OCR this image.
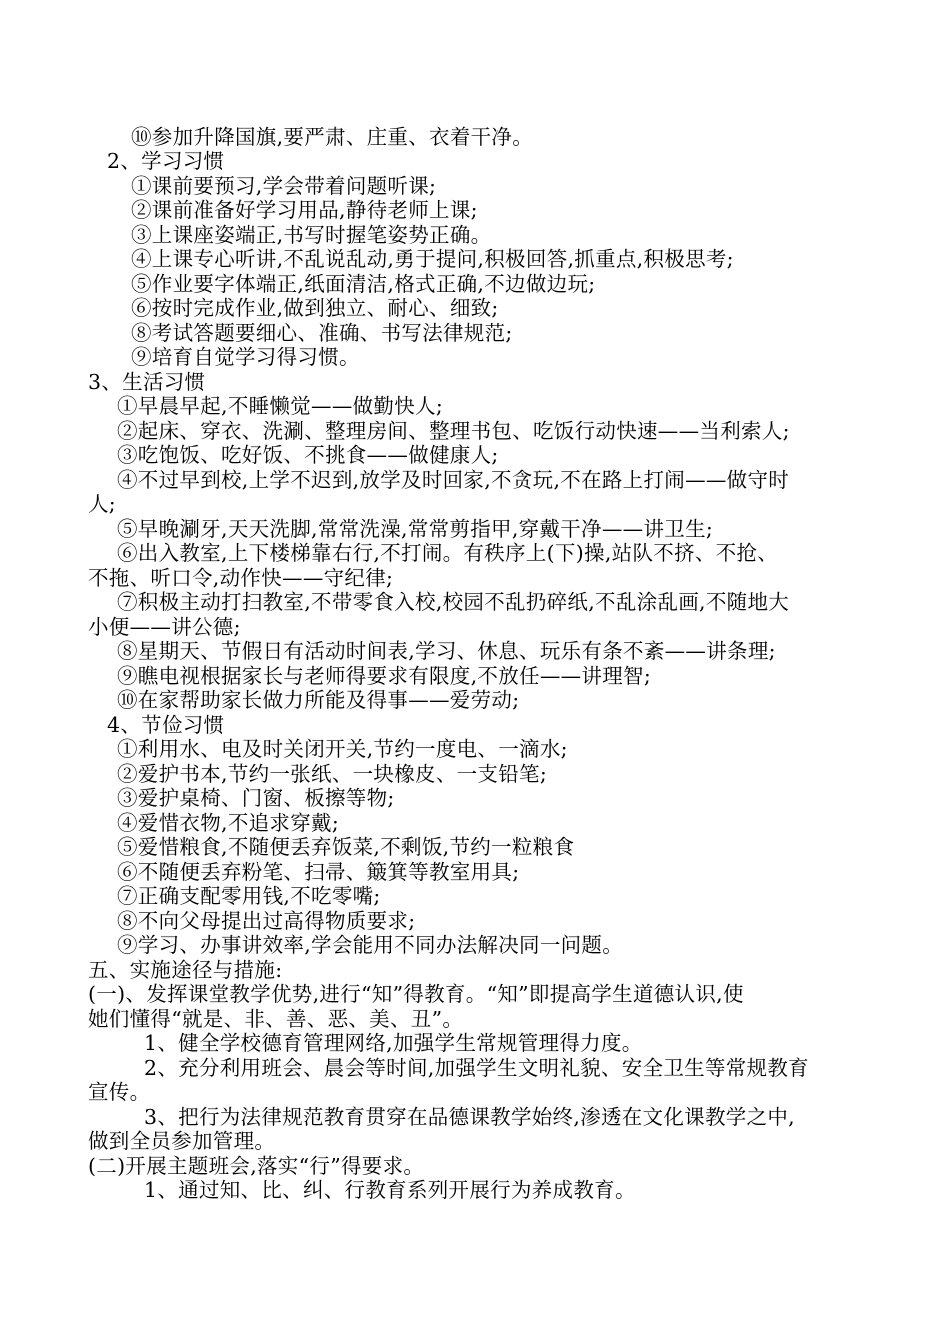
⑩参加升降国旗,要严肃、庄重、衣着干净。
2、学习习惯
①课前要预习,学会带着问题听课;
②课前准备好学习用品,静待老师上课;
③上课座姿端正,书写时握笔姿势正确。
④上课专心听讲,不乱说乱动,勇于提问,积极回答,抓重点,积极思考;
⑤作业要字体端正,纸面清洁,格式正确,不边做边玩;
⑥按时完成作业,做到独立、耐心、细致;
⑧考试答题要细心、准确、书写法律规范;
⑨培育自觉学习得习惯。
3、生活习惯
①早晨早起,不睡懒觉——做勤快人;
②起床、穿衣、洗涮、整理房间、整理书包、吃饭行动快速——当利索人;
③吃饱饭、吃好饭、不挑食——做健康人;
④不过早到校,上学不迟到,放学及时回家,不贪玩,不在路上打闹——做守时
人;
⑤早晚涮牙,天天洗脚,常常洗澡,常常剪指甲,穿戴干净——讲卫生;
⑥出入教室,上下楼梯靠右行,不打闹。有秩序上(下)操,站队不挤、不抢、
不拖、听口令,动作快——守纪律;
⑦积极主动打扫教室,不带零食入校,校园不乱扔碎纸,不乱涂乱画,不随地大
小便——讲公德;
⑧星期天、节假日有活动时间表,学习、休息、玩乐有条不紊——讲条理;
⑨瞧电视根据家长与老师得要求有限度,不放任——讲理智;
⑩在家帮助家长做力所能及得事——爱劳动;
4、节俭习惯
①利用水、电及时关闭开关,节约一度电、一滴水;
②爱护书本,节约一张纸、一块橡皮、一支铅笔;
③爱护桌椅、门窗、板擦等物;
④爱惜衣物,不追求穿戴;
⑤爱惜粮食,不随便丢弃饭菜,不剩饭,节约一粒粮食
⑥不随便丢弃粉笔、扫帚、簸箕等教室用具;
⑦正确支配零用钱,不吃零嘴;
⑧不向父母提出过高得物质要求;
⑨学习、办事讲效率,学会能用不同办法解决同一问题。
五、实施途径与措施:
(一)、发挥课堂教学优势,进行“知”得教育。“知”即提高学生道德认识,使
她们懂得“就是、非、善、恶、美、丑”。
1、健全学校德育管理网络,加强学生常规管理得力度。
2、充分利用班会、晨会等时间,加强学生文明礼貌、安全卫生等常规教育
宣传。
3、把行为法律规范教育贯穿在品德课教学始终,渗透在文化课教学之中,
做到全员参加管理。
(二)开展主题班会,落实“行”得要求。
1、通过知、比、纠、行教育系列开展行为养成教育。
